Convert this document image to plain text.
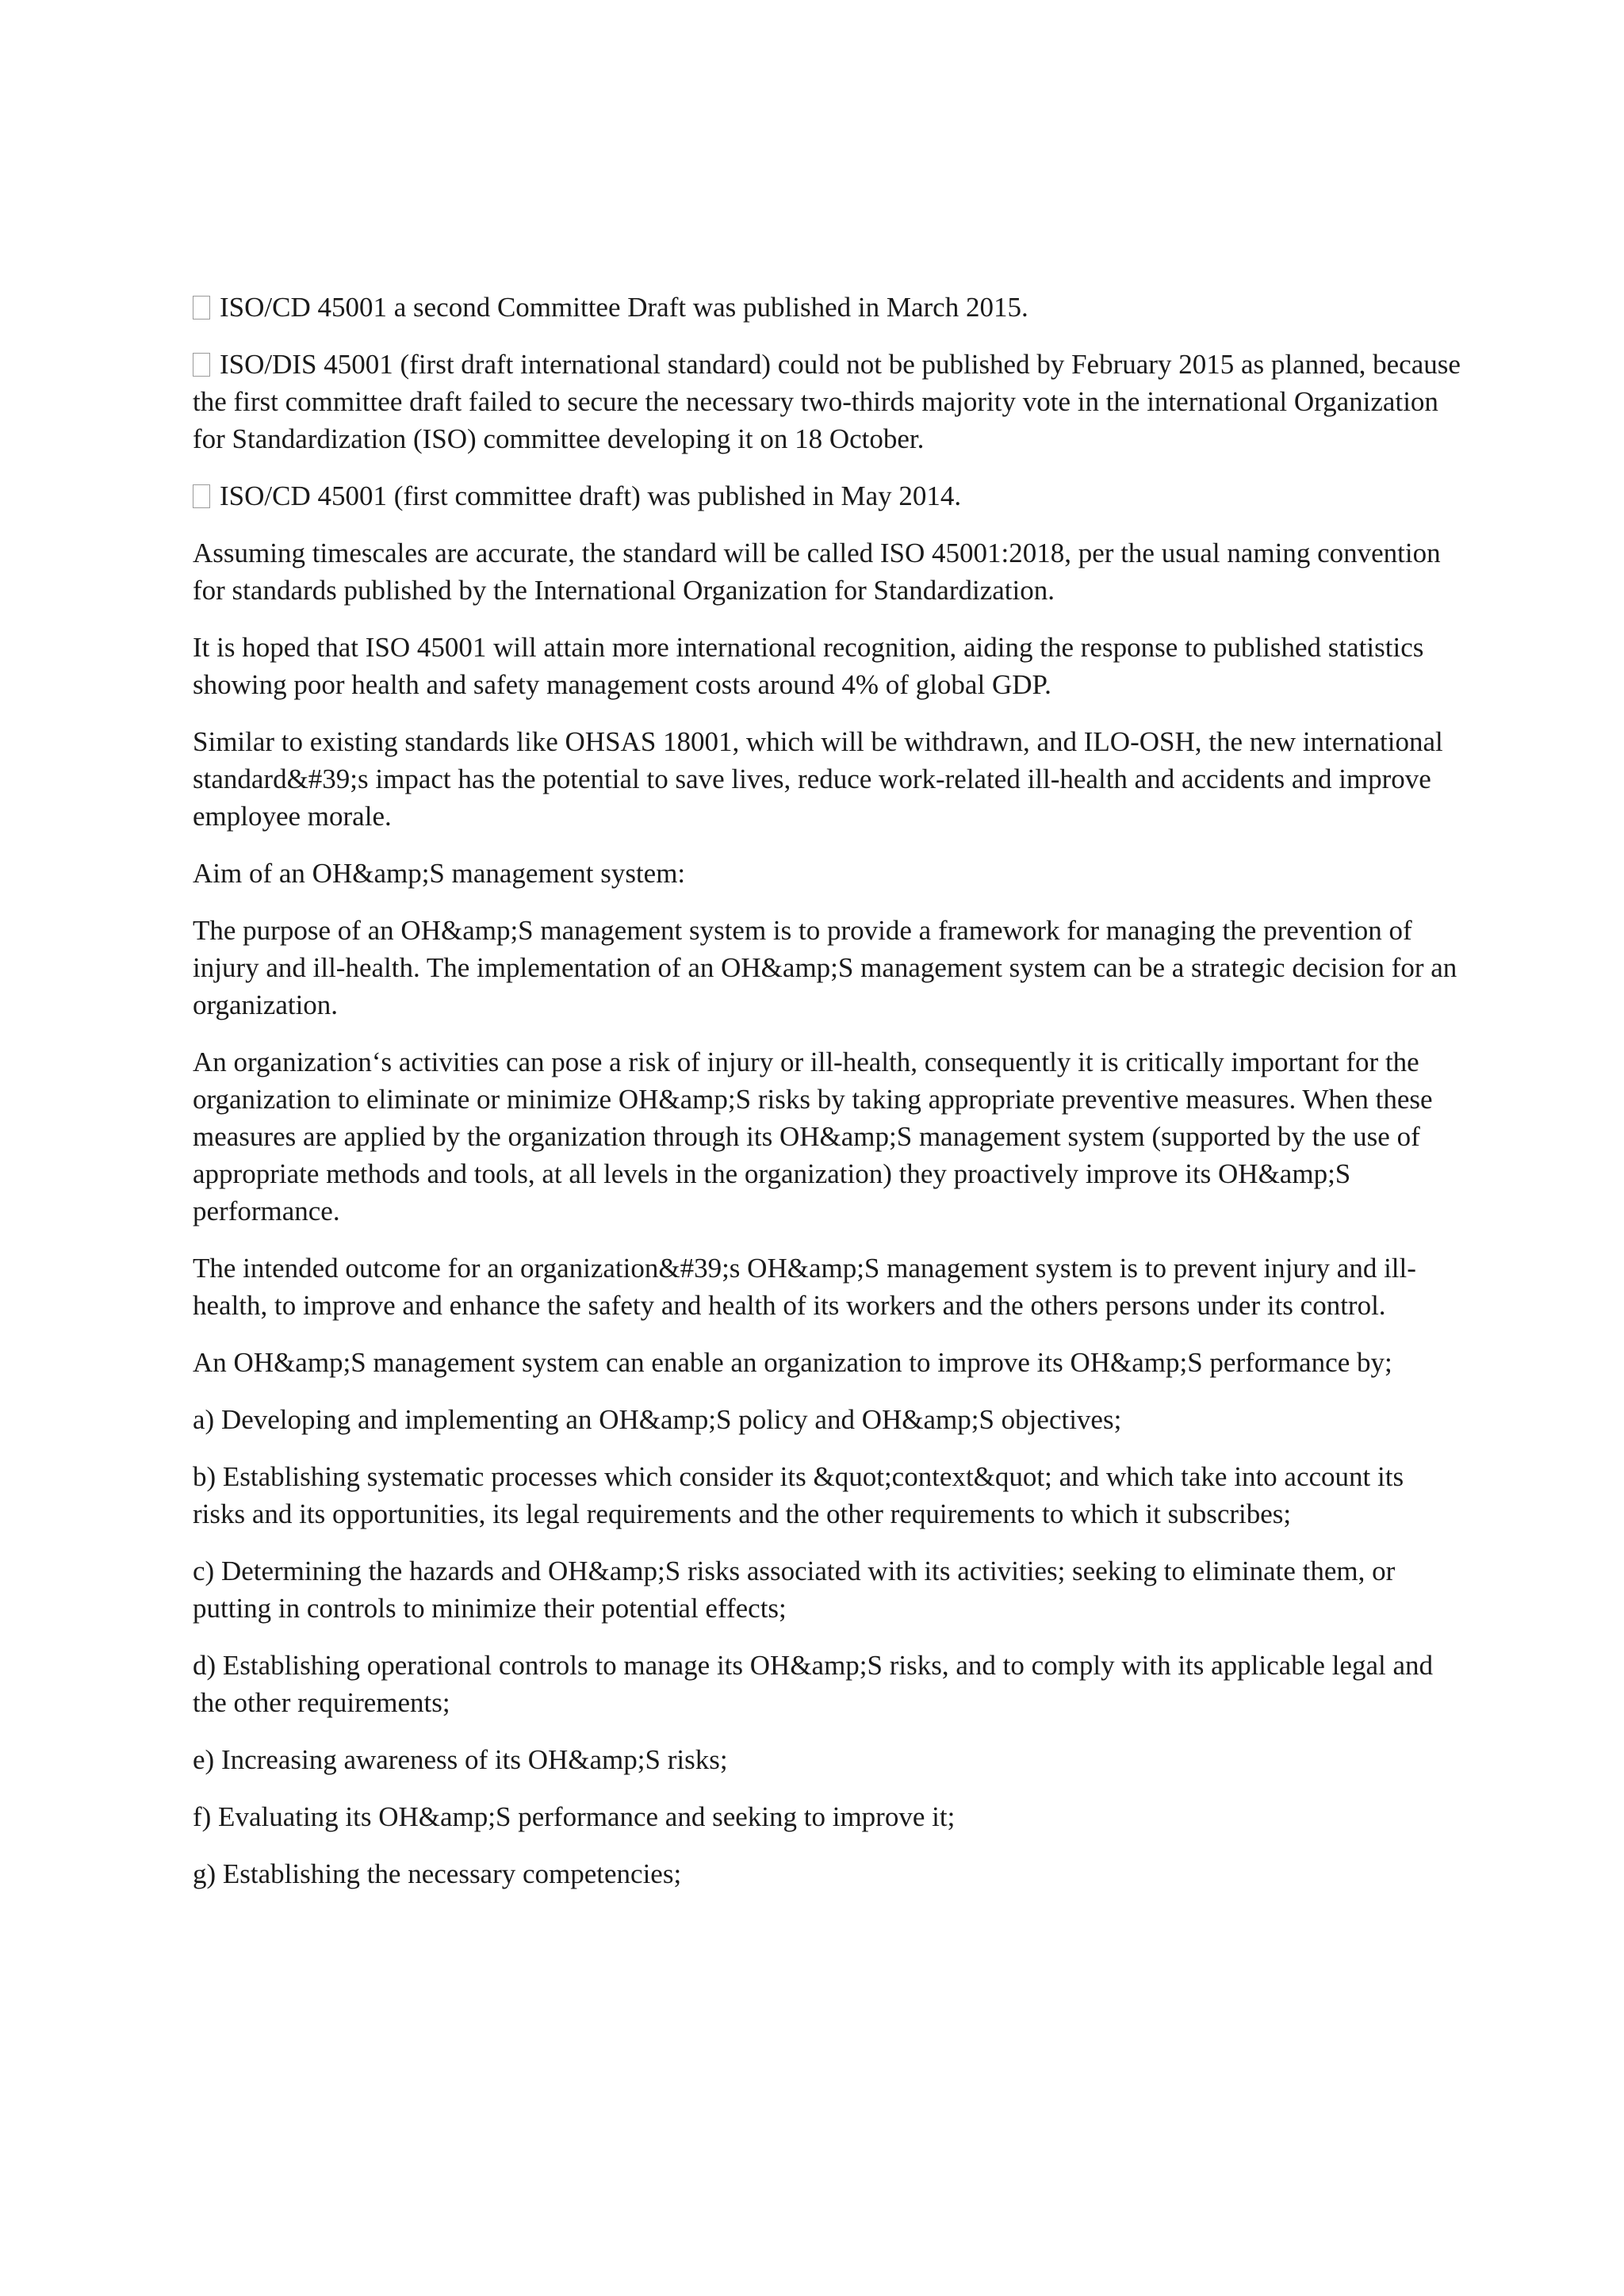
ISO/CD 45001 a second Committee Draft was published in March 2015.

ISO/DIS 45001 (first draft international standard) could not be published by February 2015 as planned, because the first committee draft failed to secure the necessary two-thirds majority vote in the international Organization for Standardization (ISO) committee developing it on 18 October.

ISO/CD 45001 (first committee draft) was published in May 2014.

Assuming timescales are accurate, the standard will be called ISO 45001:2018, per the usual naming convention for standards published by the International Organization for Standardization.

It is hoped that ISO 45001 will attain more international recognition, aiding the response to published statistics showing poor health and safety management costs around 4% of global GDP.

Similar to existing standards like OHSAS 18001, which will be withdrawn, and ILO-OSH, the new international standard&#39;s impact has the potential to save lives, reduce work-related ill-health and accidents and improve employee morale.

Aim of an OH&amp;S management system:

The purpose of an OH&amp;S management system is to provide a framework for managing the prevention of injury and ill-health. The implementation of an OH&amp;S management system can be a strategic decision for an organization.

An organization‘s activities can pose a risk of injury or ill-health, consequently it is critically important for the organization to eliminate or minimize OH&amp;S risks by taking appropriate preventive measures. When these measures are applied by the organization through its OH&amp;S management system (supported by the use of appropriate methods and tools, at all levels in the organization) they proactively improve its OH&amp;S performance.

The intended outcome for an organization&#39;s OH&amp;S management system is to prevent injury and ill-health, to improve and enhance the safety and health of its workers and the others persons under its control.

An OH&amp;S management system can enable an organization to improve its OH&amp;S performance by;

a) Developing and implementing an OH&amp;S policy and OH&amp;S objectives;

b) Establishing systematic processes which consider its &quot;context&quot; and which take into account its risks and its opportunities, its legal requirements and the other requirements to which it subscribes;

c) Determining the hazards and OH&amp;S risks associated with its activities; seeking to eliminate them, or putting in controls to minimize their potential effects;

d) Establishing operational controls to manage its OH&amp;S risks, and to comply with its applicable legal and the other requirements;

e) Increasing awareness of its OH&amp;S risks;

f) Evaluating its OH&amp;S performance and seeking to improve it;

g) Establishing the necessary competencies;
